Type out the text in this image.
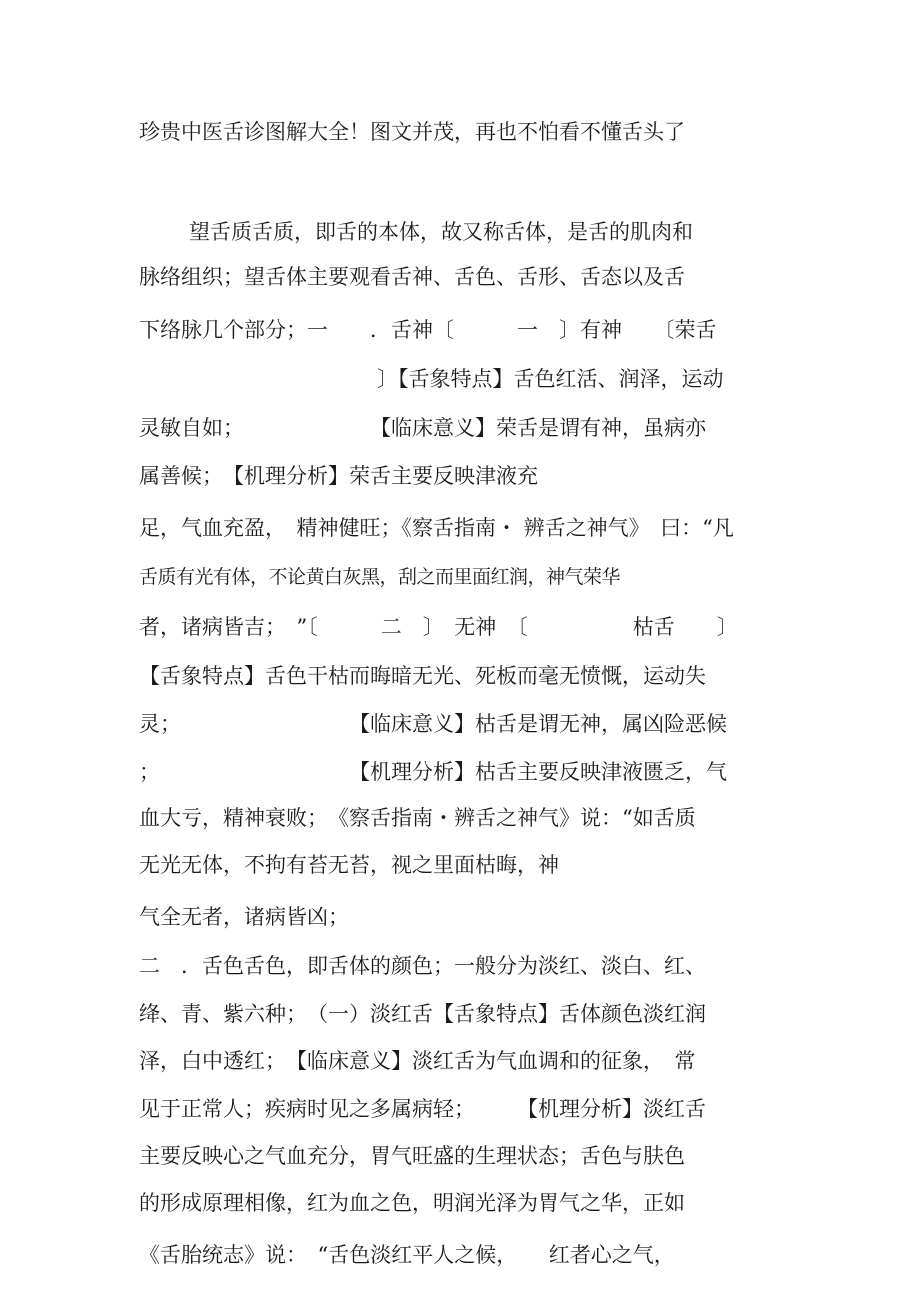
珍贵中医舌诊图解大全！图文并茂，再也不怕看不懂舌头了
望舌质舌质，即舌的本体，故又称舌体，是舌的肌肉和
脉络组织；望舌体主要观看舌神、舌色、舌形、舌态以及舌
下络脉几个部分；一　　．舌神〔　　　一　〕有神　　〔荣舌
〕【舌象特点】舌色红活、润泽，运动
灵敏自如；　　　　　　　【临床意义】荣舌是谓有神，虽病亦
属善候；　【机理分析】荣舌主要反映津液充
足，气血充盈，　精神健旺；《察舌指南・ 辨舌之神气》　曰：“凡
舌质有光有体，不论黄白灰黑，刮之而里面红润，神气荣华
者，诸病皆吉；　”〔　　　二　〕　无神　〔　　　　　枯舌　　〕
【舌象特点】舌色干枯而晦暗无光、死板而毫无愤慨，运动失
灵；　　　　　　　　　【临床意义】枯舌是谓无神，属凶险恶候
；　　　　　　　　　　【机理分析】枯舌主要反映津液匮乏，气
血大亏，精神衰败；　《察舌指南・辨舌之神气》说：“如舌质
无光无体，不拘有苔无苔，视之里面枯晦，神
气全无者，诸病皆凶；
二　．舌色舌色，即舌体的颜色；一般分为淡红、淡白、红、
绛、青、紫六种；　（一）淡红舌【舌象特点】舌体颜色淡红润
泽，白中透红；　【临床意义】淡红舌为气血调和的征象，　常
见于正常人；疾病时见之多属病轻；　　　【机理分析】淡红舌
主要反映心之气血充分，胃气旺盛的生理状态；舌色与肤色
的形成原理相像，红为血之色，明润光泽为胃气之华，正如
《舌胎统志》说：　“舌色淡红平人之候，　　红者心之气，
